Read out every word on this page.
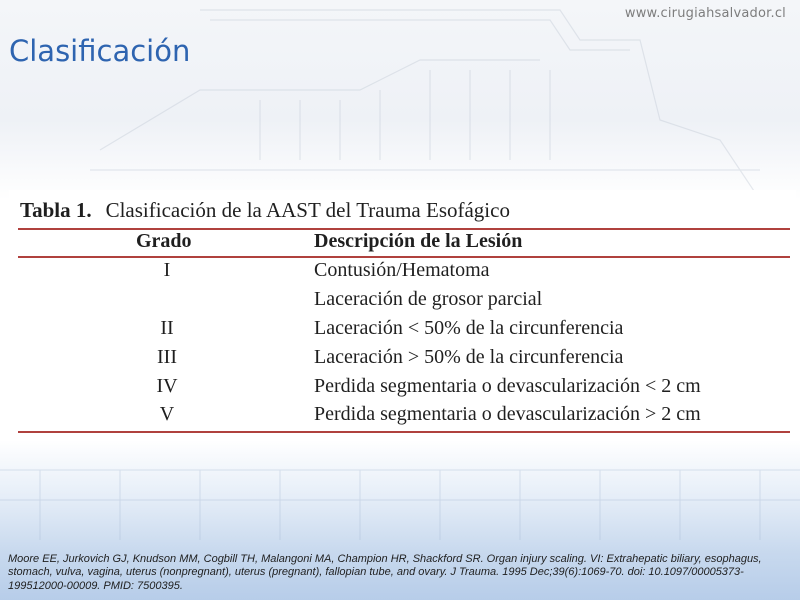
www.cirugiahsalvador.cl
Clasificación
Tabla 1. Clasificación de la AAST del Trauma Esofágico
Grado	Descripción de la Lesión
I	Contusión/Hematoma
Laceración de grosor parcial
II	Laceración < 50% de la circunferencia
III	Laceración > 50% de la circunferencia
IV	Perdida segmentaria o devascularización < 2 cm
V	Perdida segmentaria o devascularización > 2 cm
Moore EE, Jurkovich GJ, Knudson MM, Cogbill TH, Malangoni MA, Champion HR, Shackford SR. Organ injury scaling. VI: Extrahepatic biliary, esophagus, stomach, vulva, vagina, uterus (nonpregnant), uterus (pregnant), fallopian tube, and ovary. J Trauma. 1995 Dec;39(6):1069-70. doi: 10.1097/00005373-199512000-00009. PMID: 7500395.
